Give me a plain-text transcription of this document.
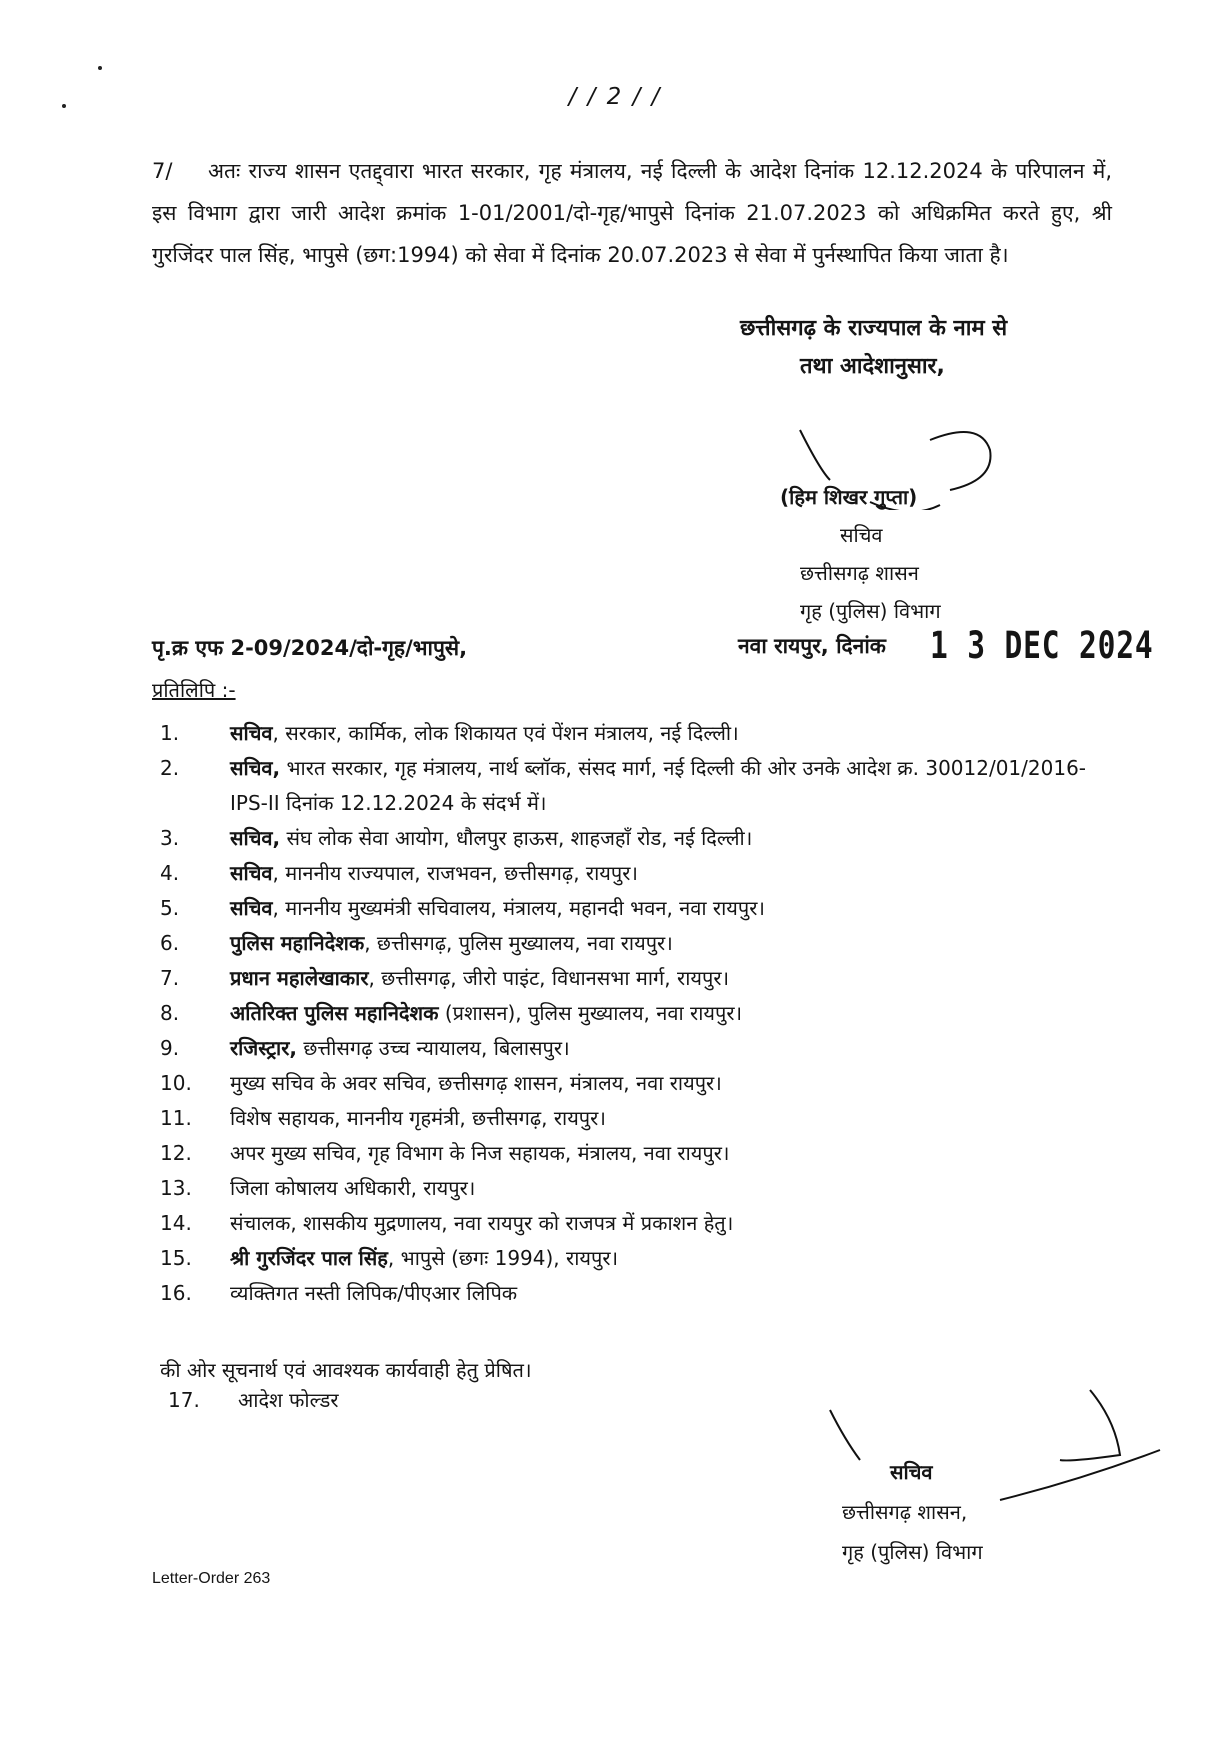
/ / 2 / /
7/ अतः राज्य शासन एतद्द्वारा भारत सरकार, गृह मंत्रालय, नई दिल्ली के आदेश दिनांक 12.12.2024 के परिपालन में, इस विभाग द्वारा जारी आदेश क्रमांक 1-01/2001/दो-गृह/भापुसे दिनांक 21.07.2023 को अधिक्रमित करते हुए, श्री गुरजिंदर पाल सिंह, भापुसे (छग:1994) को सेवा में दिनांक 20.07.2023 से सेवा में पुर्नस्थापित किया जाता है।
छत्तीसगढ़ के राज्यपाल के नाम से
तथा आदेशानुसार,
(हिम शिखर गुप्ता)
सचिव
छत्तीसगढ़ शासन
गृह (पुलिस) विभाग
पृ.क्र एफ 2-09/2024/दो-गृह/भापुसे,	नवा रायपुर, दिनांक 1 3 DEC 2024
प्रतिलिपि :-
1.	सचिव, सरकार, कार्मिक, लोक शिकायत एवं पेंशन मंत्रालय, नई दिल्ली।
2.	सचिव, भारत सरकार, गृह मंत्रालय, नार्थ ब्लॉक, संसद मार्ग, नई दिल्ली की ओर उनके आदेश क्र. 30012/01/2016-IPS-II दिनांक 12.12.2024 के संदर्भ में।
3.	सचिव, संघ लोक सेवा आयोग, धौलपुर हाऊस, शाहजहाँ रोड, नई दिल्ली।
4.	सचिव, माननीय राज्यपाल, राजभवन, छत्तीसगढ़, रायपुर।
5.	सचिव, माननीय मुख्यमंत्री सचिवालय, मंत्रालय, महानदी भवन, नवा रायपुर।
6.	पुलिस महानिदेशक, छत्तीसगढ़, पुलिस मुख्यालय, नवा रायपुर।
7.	प्रधान महालेखाकार, छत्तीसगढ़, जीरो पाइंट, विधानसभा मार्ग, रायपुर।
8.	अतिरिक्त पुलिस महानिदेशक (प्रशासन), पुलिस मुख्यालय, नवा रायपुर।
9.	रजिस्ट्रार, छत्तीसगढ़ उच्च न्यायालय, बिलासपुर।
10.	मुख्य सचिव के अवर सचिव, छत्तीसगढ़ शासन, मंत्रालय, नवा रायपुर।
11.	विशेष सहायक, माननीय गृहमंत्री, छत्तीसगढ़, रायपुर।
12.	अपर मुख्य सचिव, गृह विभाग के निज सहायक, मंत्रालय, नवा रायपुर।
13.	जिला कोषालय अधिकारी, रायपुर।
14.	संचालक, शासकीय मुद्रणालय, नवा रायपुर को राजपत्र में प्रकाशन हेतु।
15.	श्री गुरजिंदर पाल सिंह, भापुसे (छगः 1994), रायपुर।
16.	व्यक्तिगत नस्ती लिपिक/पीएआर लिपिक
की ओर सूचनार्थ एवं आवश्यक कार्यवाही हेतु प्रेषित।
17.	आदेश फोल्डर
सचिव
छत्तीसगढ़ शासन,
गृह (पुलिस) विभाग
Letter-Order 263
